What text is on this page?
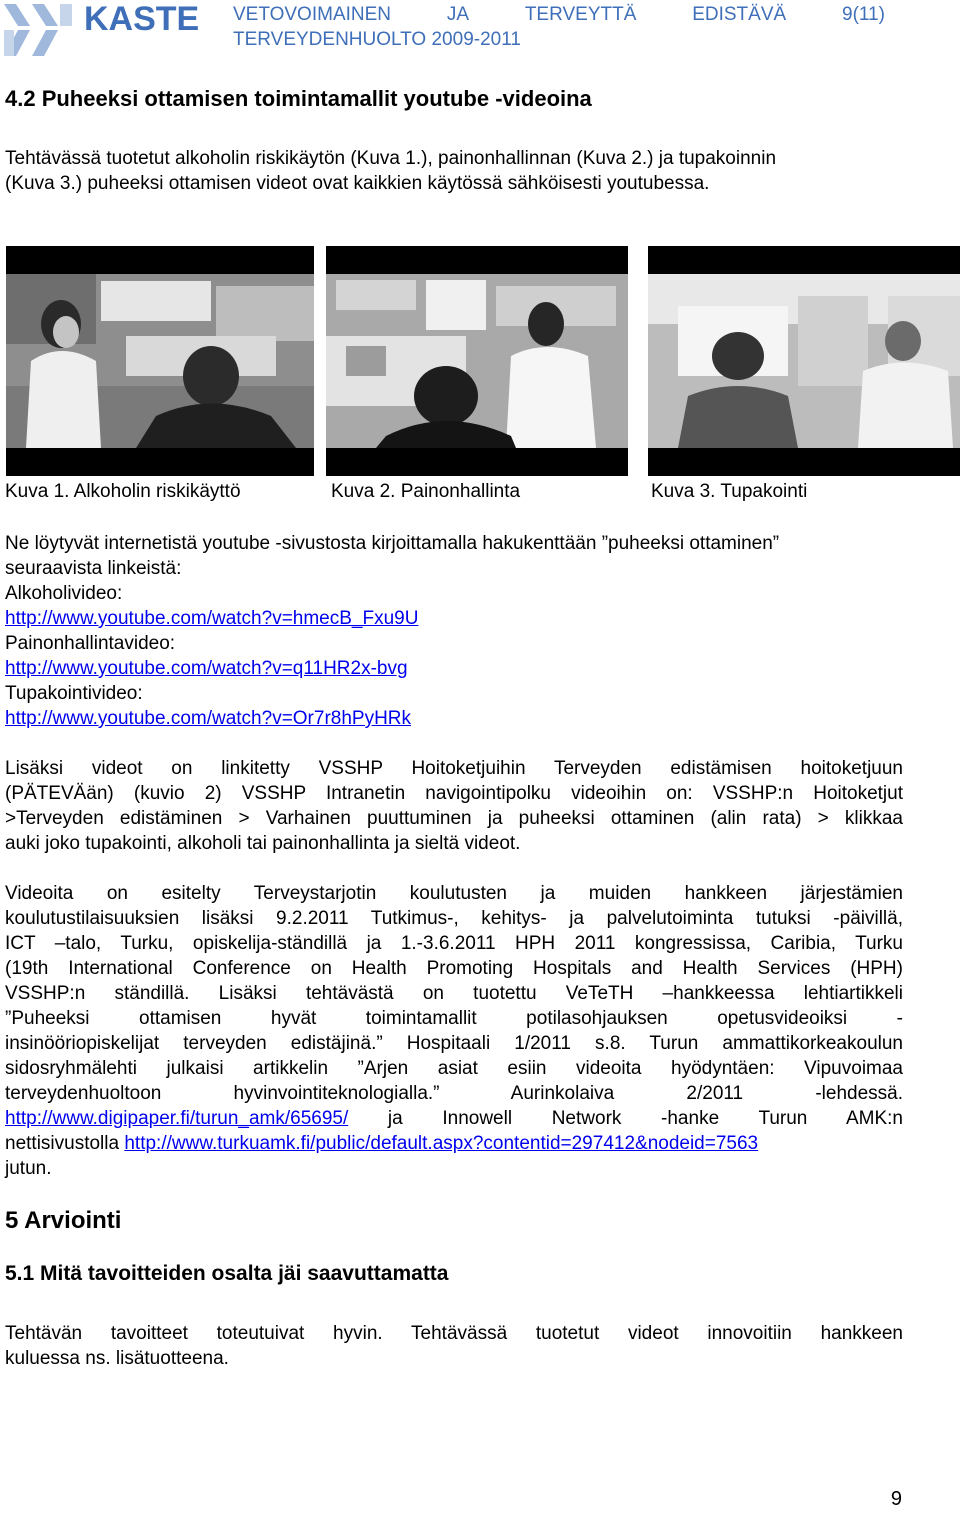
KASTE VETOVOIMAINEN	JA	TERVEYTTÄ	EDISTÄVÄ	9(11)
TERVEYDENHUOLTO 2009-2011
4.2 Puheeksi ottamisen toimintamallit youtube -videoina
Tehtävässä tuotetut alkoholin riskikäytön (Kuva 1.), painonhallinnan (Kuva 2.) ja tupakoinnin
(Kuva 3.) puheeksi ottamisen videot ovat kaikkien käytössä sähköisesti youtubessa.
Kuva 1. Alkoholin riskikäyttö	Kuva 2. Painonhallinta	Kuva 3. Tupakointi
Ne löytyvät internetistä youtube -sivustosta kirjoittamalla hakukenttään ”puheeksi ottaminen”
seuraavista linkeistä:
Alkoholivideo:
http://www.youtube.com/watch?v=hmecB_Fxu9U
Painonhallintavideo:
http://www.youtube.com/watch?v=q11HR2x-bvg
Tupakointivideo:
http://www.youtube.com/watch?v=Or7r8hPyHRk
Lisäksi videot on linkitetty VSSHP Hoitoketjuihin Terveyden edistämisen hoitoketjuun
(PÄTEVÄän) (kuvio 2) VSSHP Intranetin navigointipolku videoihin on: VSSHP:n Hoitoketjut
>Terveyden edistäminen > Varhainen puuttuminen ja puheeksi ottaminen (alin rata) > klikkaa
auki joko tupakointi, alkoholi tai painonhallinta ja sieltä videot.
Videoita on esitelty Terveystarjotin koulutusten ja muiden hankkeen järjestämien
koulutustilaisuuksien lisäksi 9.2.2011 Tutkimus-, kehitys- ja palvelutoiminta tutuksi -päivillä,
ICT –talo, Turku, opiskelija-ständillä ja 1.-3.6.2011 HPH 2011 kongressissa, Caribia, Turku
(19th International Conference on Health Promoting Hospitals and Health Services (HPH)
VSSHP:n ständillä. Lisäksi tehtävästä on tuotettu VeTeTH –hankkeessa lehtiartikkeli
”Puheeksi ottamisen hyvät toimintamallit potilasohjauksen opetusvideoiksi -
insinööriopiskelijat terveyden edistäjinä.” Hospitaali 1/2011 s.8. Turun ammattikorkeakoulun
sidosryhmälehti julkaisi artikkelin ”Arjen asiat esiin videoita hyödyntäen: Vipuvoimaa
terveydenhuoltoon hyvinvointiteknologialla.” Aurinkolaiva 2/2011 -lehdessä.
http://www.digipaper.fi/turun_amk/65695/ ja Innowell Network -hanke Turun AMK:n
nettisivustolla http://www.turkuamk.fi/public/default.aspx?contentid=297412&nodeid=7563
jutun.
5 Arviointi
5.1 Mitä tavoitteiden osalta jäi saavuttamatta
Tehtävän tavoitteet toteutuivat hyvin. Tehtävässä tuotetut videot innovoitiin hankkeen
kuluessa ns. lisätuotteena.
9
